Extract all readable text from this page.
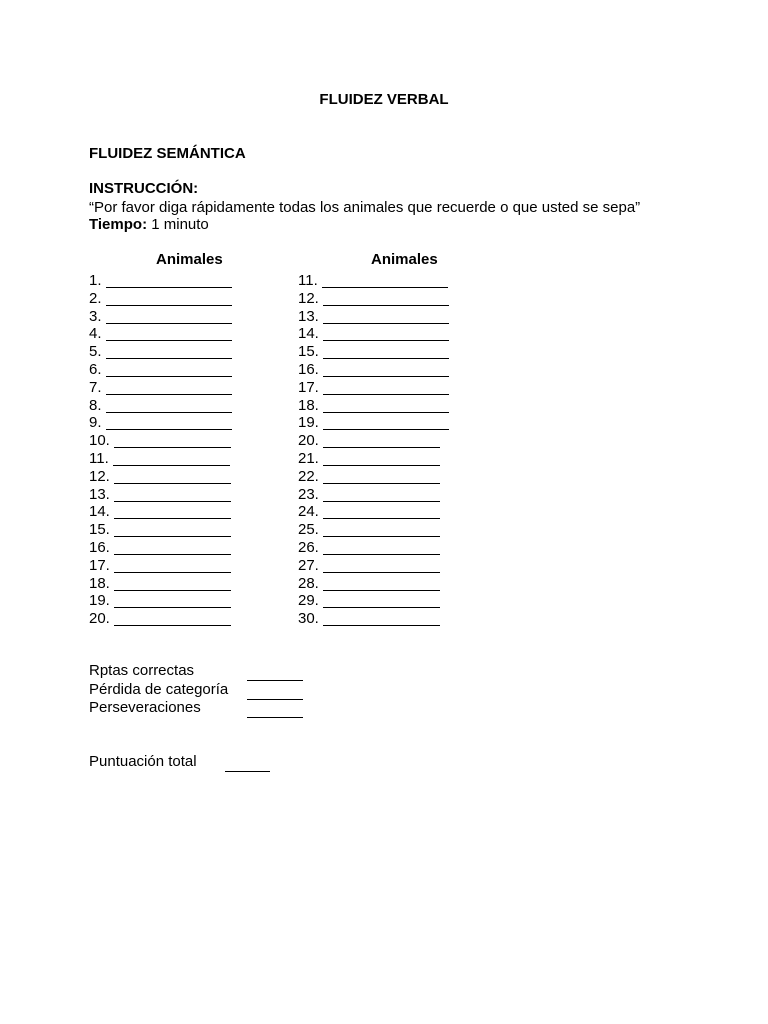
FLUIDEZ VERBAL
FLUIDEZ SEMÁNTICA
INSTRUCCIÓN:
“Por favor diga rápidamente todas los animales que recuerde o que usted se sepa”
Tiempo: 1 minuto
Animales
1.
2.
3.
4.
5.
6.
7.
8.
9.
10.
11.
12.
13.
14.
15.
16.
17.
18.
19.
20.
Animales
11.
12.
13.
14.
15.
16.
17.
18.
19.
20.
21.
22.
23.
24.
25.
26.
27.
28.
29.
30.
Rptas correctas
Pérdida de categoría
Perseveraciones
Puntuación total
